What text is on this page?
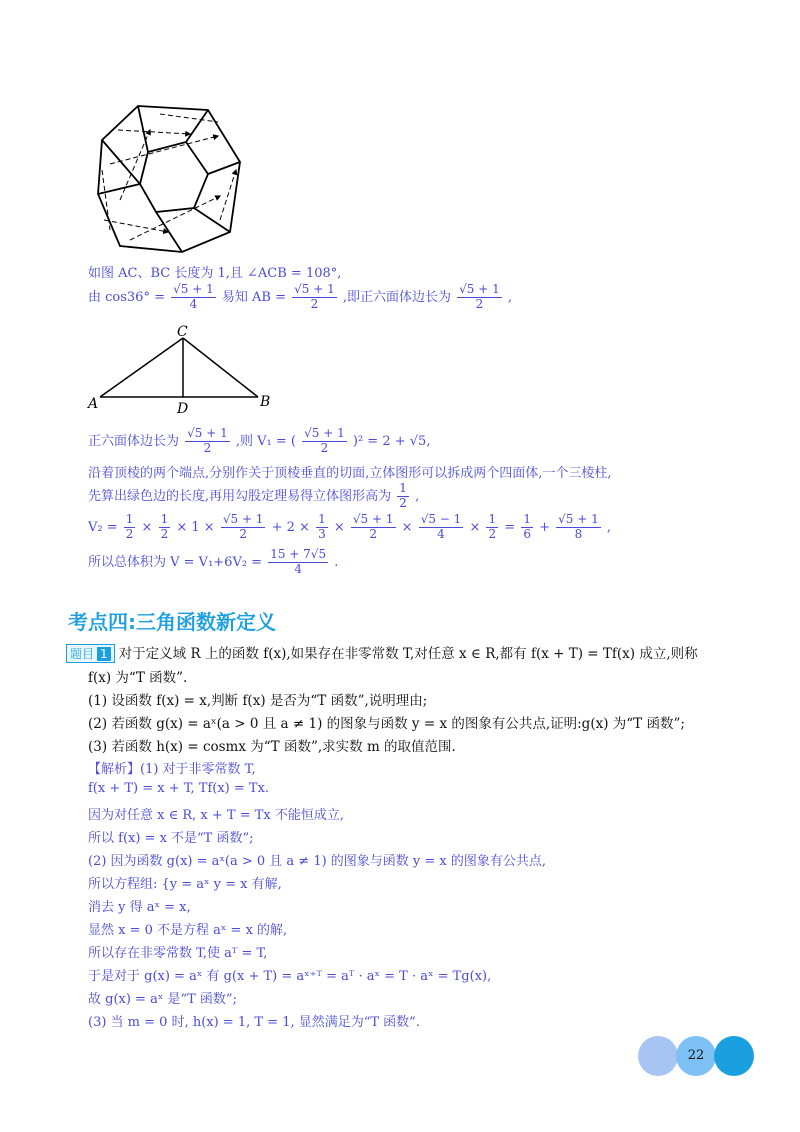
如图 AC、BC 长度为 1,且 ∠ACB = 108°,
由 $\cos 36^\circ = \frac{√5 + 1}{4}$ 易知 AB = $\frac{√5 + 1}{2}$ ,即正六面体边长为 $\frac{√5 + 1}{2}$ ,
C
A	D	B
正六面体边长为 $\frac{√5 + 1}{2}$ ,则 V₁ = ( $\frac{√5 + 1}{2} )^2 = 2 + √5$,
沿着顶棱的两个端点,分别作关于顶棱垂直的切面,立体图形可以拆成两个四面体,一个三棱柱,
先算出绿色边的长度,再用勾股定理易得立体图形高为 $\frac{1}{2}$ ,
$V_2 = \frac{1}{2} \times \frac{1}{2} \times 1 \times \frac{√5 + 1}{2} + 2 \times \frac{1}{3} \times \frac{√5 + 1}{2} \times \frac{√5 - 1}{4} \times \frac{1}{2} = \frac{1}{6} + \frac{√5 + 1}{8}$ ,
所以总体积为 $V = V_1+6V_2 = \frac{15 + 7√5}{4}$ .
考点四:三角函数新定义
题目 1 对于定义域 R 上的函数 f(x),如果存在非零常数 T,对任意 x ∈ R,都有 f(x + T) = Tf(x) 成立,则称
f(x) 为“T 函数”.
(1) 设函数 f(x) = x,判断 f(x) 是否为“T 函数”,说明理由;
(2) 若函数 g(x) = aˣ(a > 0 且 a ≠ 1) 的图象与函数 y = x 的图象有公共点,证明:g(x) 为“T 函数”;
(3) 若函数 h(x) = cosmx 为“T 函数”,求实数 m 的取值范围.
【解析】(1) 对于非零常数 T,
f(x + T) = x + T, Tf(x) = Tx.
因为对任意 x ∈ R, x + T = Tx 不能恒成立,
所以 f(x) = x 不是“T 函数”;
(2) 因为函数 g(x) = aˣ(a > 0 且 a ≠ 1) 的图象与函数 y = x 的图象有公共点,
所以方程组: {y = aˣ y = x 有解,
消去 y 得 aˣ = x,
显然 x = 0 不是方程 aˣ = x 的解,
所以存在非零常数 T,使 aᵀ = T,
于是对于 g(x) = aˣ 有 g(x + T) = aˣ⁺ᵀ = aᵀ · aˣ = T · aˣ = Tg(x),
故 g(x) = aˣ 是“T 函数”;
(3) 当 m = 0 时, h(x) = 1, T = 1, 显然满足为“T 函数”.
22
